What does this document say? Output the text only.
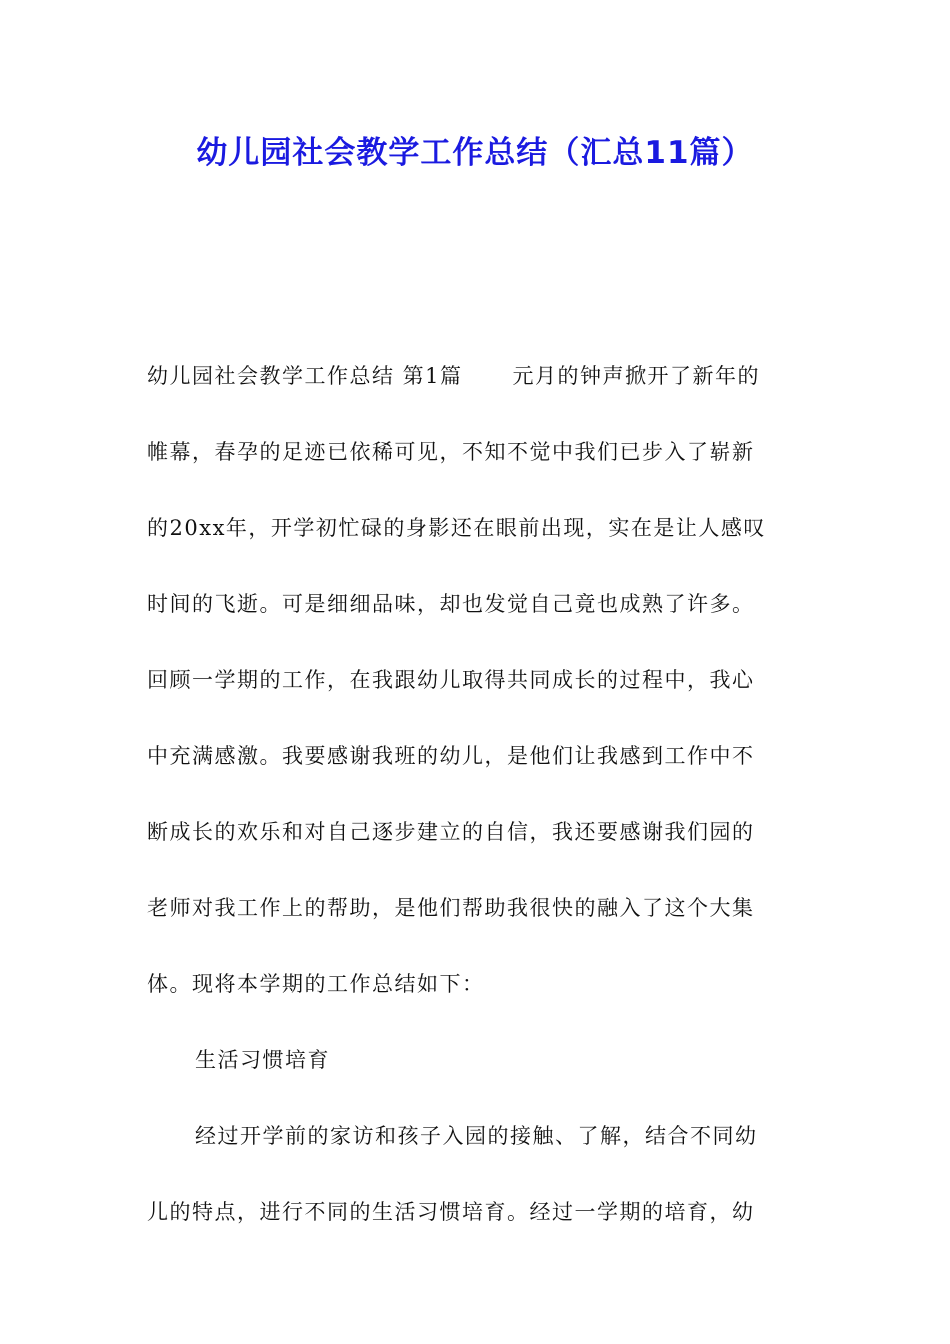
幼儿园社会教学工作总结（汇总11篇）
幼儿园社会教学工作总结 第1篇 元月的钟声掀开了新年的
帷幕，春孕的足迹已依稀可见，不知不觉中我们已步入了崭新
的20xx年，开学初忙碌的身影还在眼前出现，实在是让人感叹
时间的飞逝。可是细细品味，却也发觉自己竟也成熟了许多。
回顾一学期的工作，在我跟幼儿取得共同成长的过程中，我心
中充满感激。我要感谢我班的幼儿，是他们让我感到工作中不
断成长的欢乐和对自己逐步建立的自信，我还要感谢我们园的
老师对我工作上的帮助，是他们帮助我很快的融入了这个大集
体。现将本学期的工作总结如下：
生活习惯培育
经过开学前的家访和孩子入园的接触、了解，结合不同幼
儿的特点，进行不同的生活习惯培育。经过一学期的培育，幼
